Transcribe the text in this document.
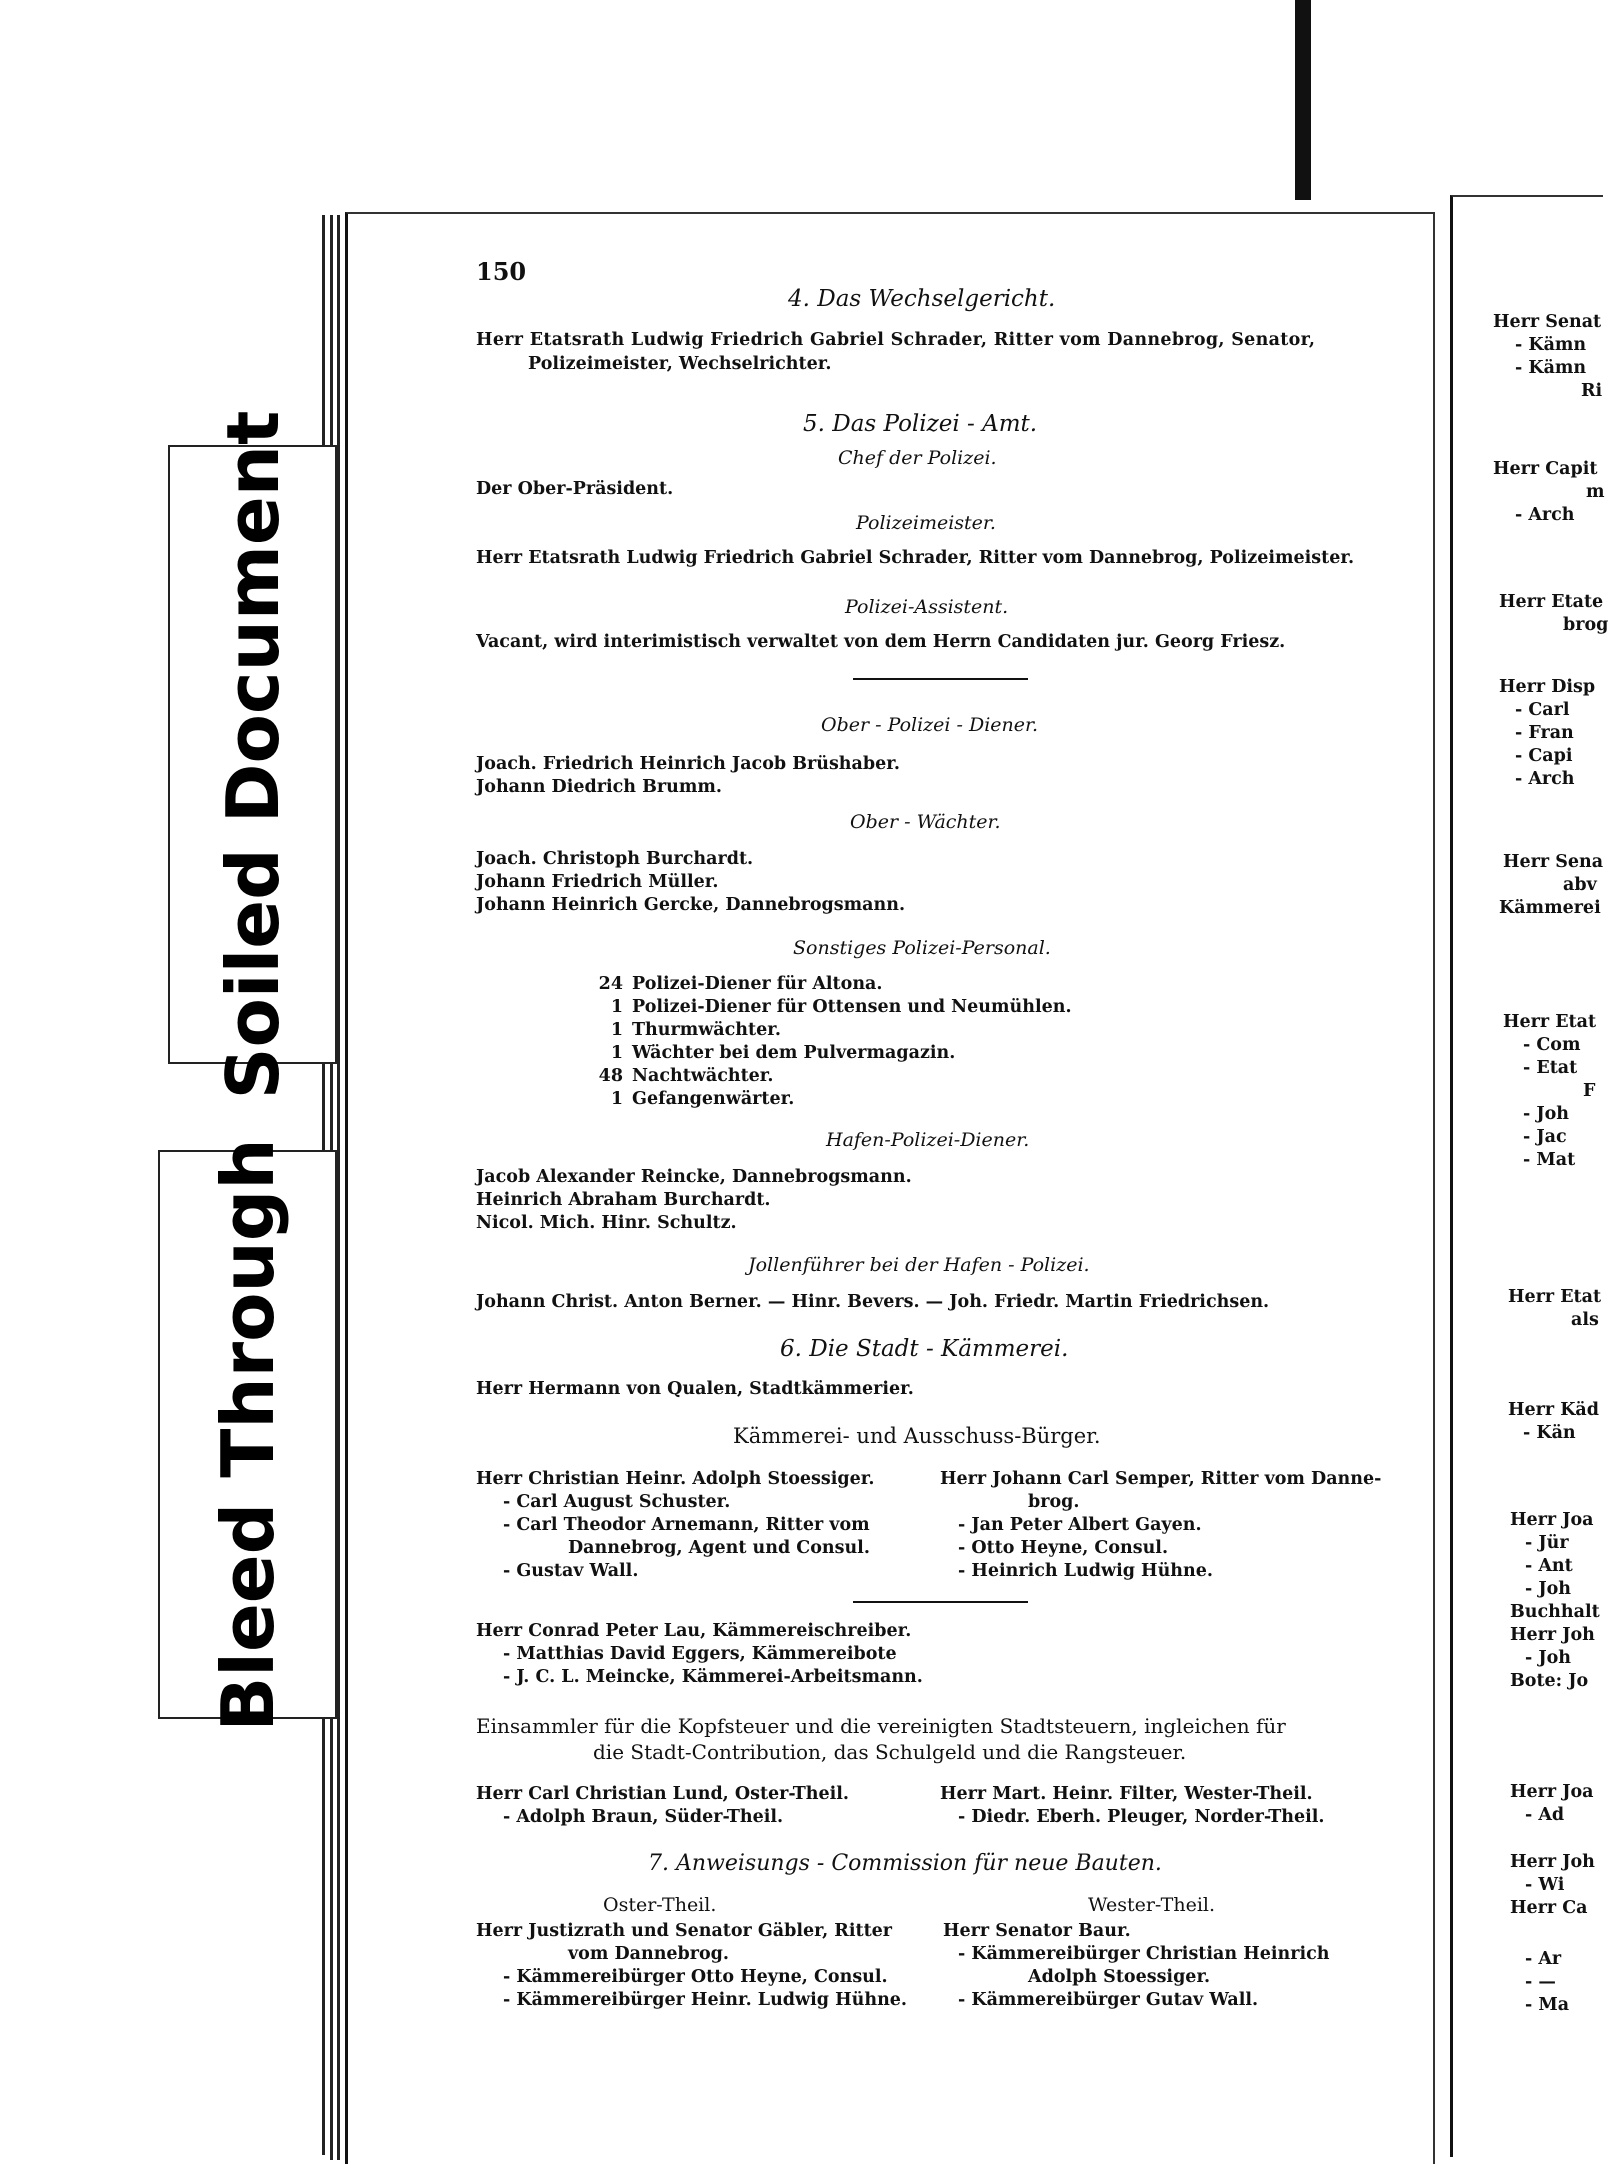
Soiled Document
Bleed Through
150
4. Das Wechselgericht.
Herr Etatsrath Ludwig Friedrich Gabriel Schrader, Ritter vom Dannebrog, Senator,
Polizeimeister, Wechselrichter.
5. Das Polizei - Amt.
Chef der Polizei.
Der Ober-Präsident.
Polizeimeister.
Herr Etatsrath Ludwig Friedrich Gabriel Schrader, Ritter vom Dannebrog, Polizeimeister.
Polizei-Assistent.
Vacant, wird interimistisch verwaltet von dem Herrn Candidaten jur. Georg Friesz.
Ober - Polizei - Diener.
Joach. Friedrich Heinrich Jacob Brüshaber.
Johann Diedrich Brumm.
Ober - Wächter.
Joach. Christoph Burchardt.
Johann Friedrich Müller.
Johann Heinrich Gercke, Dannebrogsmann.
Sonstiges Polizei-Personal.
24 Polizei-Diener für Altona.
1 Polizei-Diener für Ottensen und Neumühlen.
1 Thurmwächter.
1 Wächter bei dem Pulvermagazin.
48 Nachtwächter.
1 Gefangenwärter.
Hafen-Polizei-Diener.
Jacob Alexander Reincke, Dannebrogsmann.
Heinrich Abraham Burchardt.
Nicol. Mich. Hinr. Schultz.
Jollenführer bei der Hafen - Polizei.
Johann Christ. Anton Berner. — Hinr. Bevers. — Joh. Friedr. Martin Friedrichsen.
6. Die Stadt - Kämmerei.
Herr Hermann von Qualen, Stadtkämmerier.
Kämmerei- und Ausschuss-Bürger.
Herr Christian Heinr. Adolph Stoessiger.
- Carl August Schuster.
- Carl Theodor Arnemann, Ritter vom
Dannebrog, Agent und Consul.
- Gustav Wall.
Herr Johann Carl Semper, Ritter vom Danne-
brog.
- Jan Peter Albert Gayen.
- Otto Heyne, Consul.
- Heinrich Ludwig Hühne.
Herr Conrad Peter Lau, Kämmereischreiber.
- Matthias David Eggers, Kämmereibote
- J. C. L. Meincke, Kämmerei-Arbeitsmann.
Einsammler für die Kopfsteuer und die vereinigten Stadtsteuern, ingleichen für
die Stadt-Contribution, das Schulgeld und die Rangsteuer.
Herr Carl Christian Lund, Oster-Theil.
- Adolph Braun, Süder-Theil.
Herr Mart. Heinr. Filter, Wester-Theil.
- Diedr. Eberh. Pleuger, Norder-Theil.
7. Anweisungs - Commission für neue Bauten.
Oster-Theil.	Wester-Theil.
Herr Justizrath und Senator Gäbler, Ritter
vom Dannebrog.
- Kämmereibürger Otto Heyne, Consul.
- Kämmereibürger Heinr. Ludwig Hühne.
Herr Senator Baur.
- Kämmereibürger Christian Heinrich
Adolph Stoessiger.
- Kämmereibürger Gutav Wall.
Herr Senat
- Kämn
- Kämn
Ri
Herr Capit
m
- Arch
Herr Etate
brog
Herr Disp
- Carl
- Fran
- Capi
- Arch
Herr Sena
abv
Kämmerei
Herr Etat
- Com
- Etat
F
- Joh
- Jac
- Mat
Herr Etat
als
Herr Käd
- Kän
Herr Joa
- Jür
- Ant
- Joh
Buchhalt
Herr Joh
- Joh
Bote: Jo
Herr Joa
- Ad
Herr Joh
- Wi
Herr Ca
- Ar
- —
- Ma
